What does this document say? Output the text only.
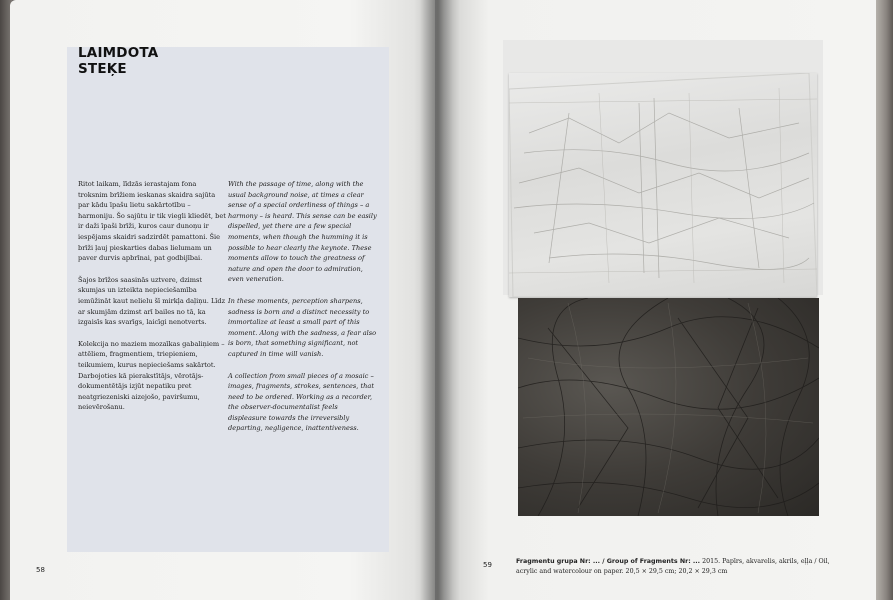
LAIMDOTA
STEĶE

Ritot laikam, līdzās ierastajam fona troksnim brīžiem ieskanas skaidra sajūta par kādu īpašu lietu sakārtotību – harmoniju. Šo sajūtu ir tik viegli kliedēt, bet ir daži īpaši brīži, kuros caur dunoņu ir iespējams skaidri sadzirdēt pamattoni. Šie brīži ļauj pieskarties dabas lielumam un paver durvis apbrīnai, pat godbijībai.

Šajos brīžos saasinās uztvere, dzimst skumjas un izteikta nepieciešamība iemūžināt kaut nelielu šī mirkļa daļiņu. Līdz ar skumjām dzimst arī bailes no tā, ka izgaisīs kas svarīgs, laicīgi nenotverts.

Kolekcija no maziem mozaīkas gabaliņiem – attēliem, fragmentiem, triepieniem, teikumiem, kurus nepieciešams sakārtot. Darbojoties kā pierakstītājs, vērotājs-dokumentētājs izjūt nepatiku pret neatgriezeniski aizejošo, paviršumu, neievērošanu.

With the passage of time, along with the usual background noise, at times a clear sense of a special orderliness of things – a harmony – is heard. This sense can be easily dispelled, yet there are a few special moments, when though the humming it is possible to hear clearly the keynote. These moments allow to touch the greatness of nature and open the door to admiration, even veneration.

In these moments, perception sharpens, sadness is born and a distinct necessity to immortalize at least a small part of this moment. Along with the sadness, a fear also is born, that something significant, not captured in time will vanish.

A collection from small pieces of a mosaic – images, fragments, strokes, sentences, that need to be ordered. Working as a recorder, the observer-documentalist feels displeasure towards the irreversibly departing, negligence, inattentiveness.

58
59	Fragmentu grupa Nr: ... / Group of Fragments Nr: ... 2015. Papīrs, akvarelis, akrils, eļļa / Oil, acrylic and watercolour on paper. 20,5 × 29,5 cm; 20,2 × 29,3 cm
